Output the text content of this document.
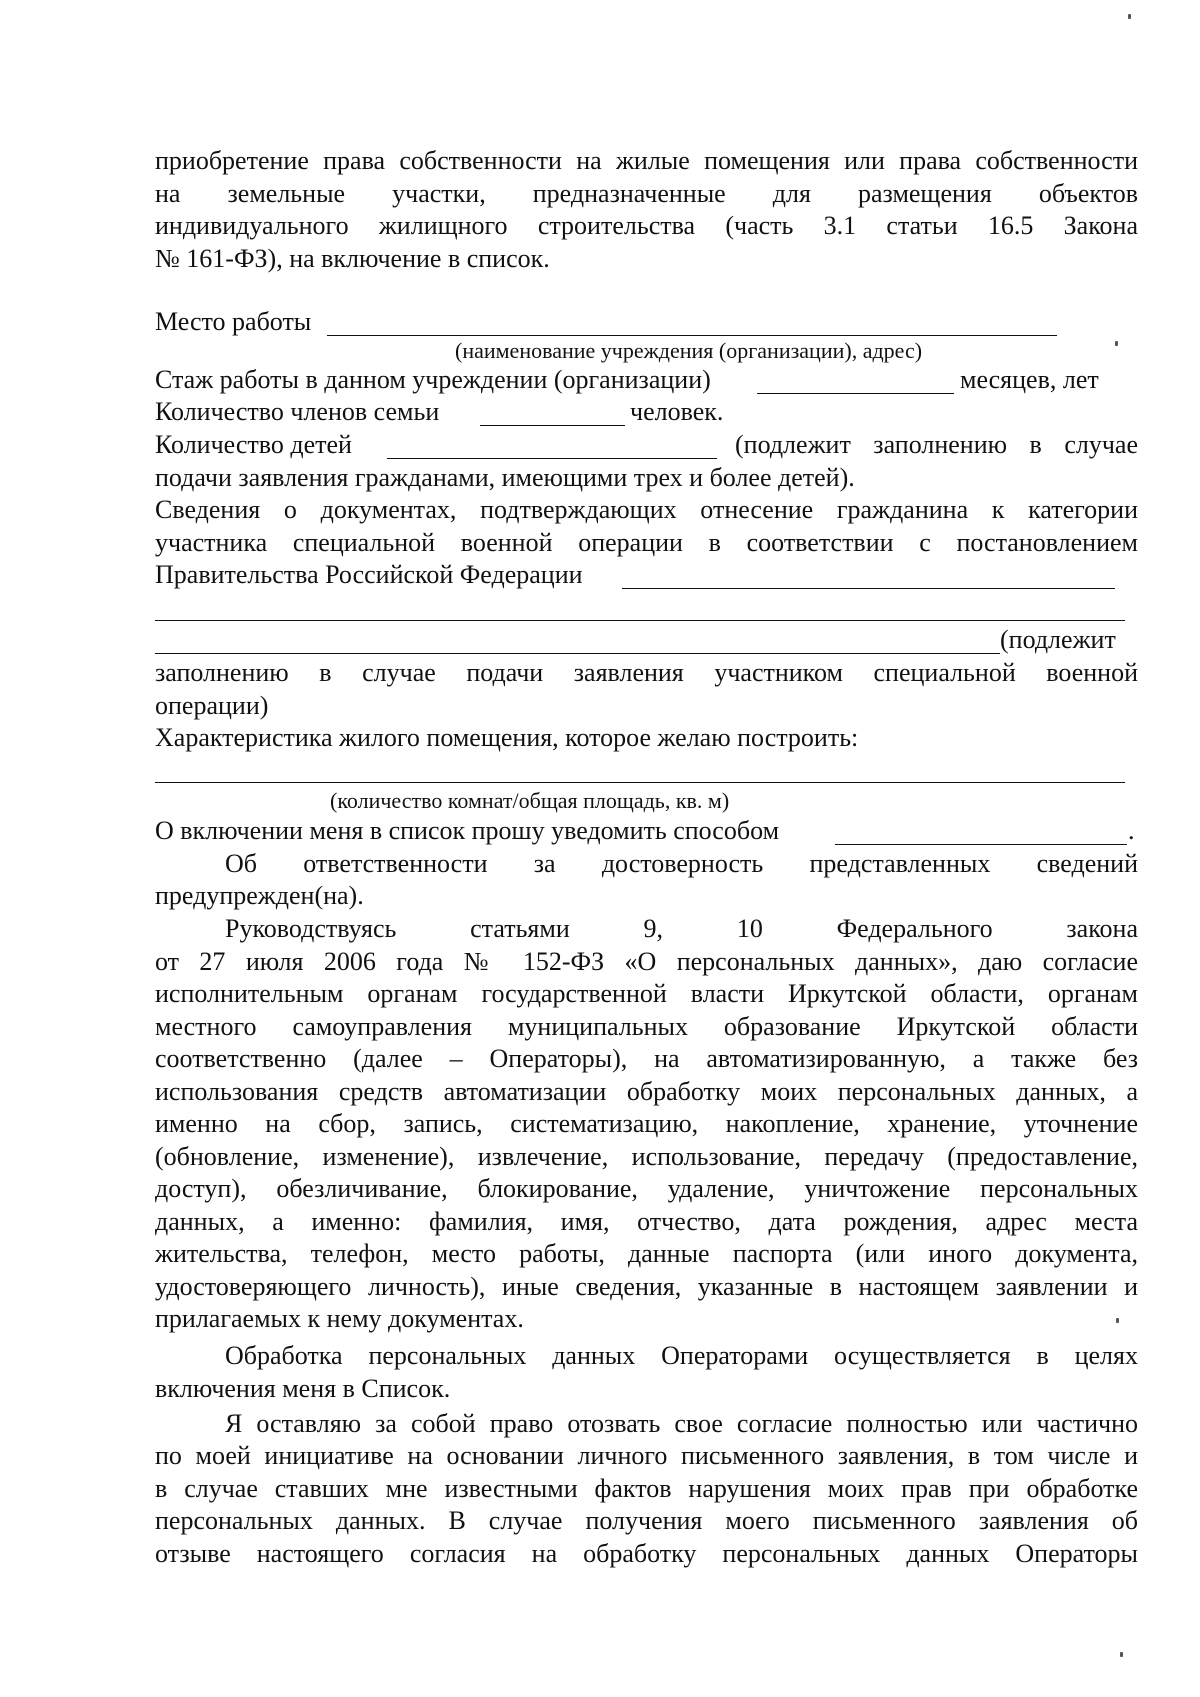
приобретение права собственности на жилые помещения или права собственности
на земельные участки, предназначенные для размещения объектов
индивидуального жилищного строительства (часть 3.1 статьи 16.5 Закона
№ 161-ФЗ), на включение в список.
Место работы
(наименование учреждения (организации), адрес)
Стаж работы в данном учреждении (организации)	месяцев, лет
Количество членов семьи	человек.
Количество детей	(подлежит заполнению в случае
подачи заявления гражданами, имеющими трех и более детей).
Сведения о документах, подтверждающих отнесение гражданина к категории
участника специальной военной операции в соответствии с постановлением
Правительства Российской Федерации
(подлежит
заполнению в случае подачи заявления участником специальной военной
операции)
Характеристика жилого помещения, которое желаю построить:
(количество комнат/общая площадь, кв. м)
О включении меня в список прошу уведомить способом	.
Об ответственности за достоверность представленных сведений
предупрежден(на).
Руководствуясь статьями 9, 10 Федерального закона
от 27 июля 2006 года № 152-ФЗ «О персональных данных», даю согласие
исполнительным органам государственной власти Иркутской области, органам
местного самоуправления муниципальных образование Иркутской области
соответственно (далее – Операторы), на автоматизированную, а также без
использования средств автоматизации обработку моих персональных данных, а
именно на сбор, запись, систематизацию, накопление, хранение, уточнение
(обновление, изменение), извлечение, использование, передачу (предоставление,
доступ), обезличивание, блокирование, удаление, уничтожение персональных
данных, а именно: фамилия, имя, отчество, дата рождения, адрес места
жительства, телефон, место работы, данные паспорта (или иного документа,
удостоверяющего личность), иные сведения, указанные в настоящем заявлении и
прилагаемых к нему документах.
Обработка персональных данных Операторами осуществляется в целях
включения меня в Список.
Я оставляю за собой право отозвать свое согласие полностью или частично
по моей инициативе на основании личного письменного заявления, в том числе и
в случае ставших мне известными фактов нарушения моих прав при обработке
персональных данных. В случае получения моего письменного заявления об
отзыве настоящего согласия на обработку персональных данных Операторы
